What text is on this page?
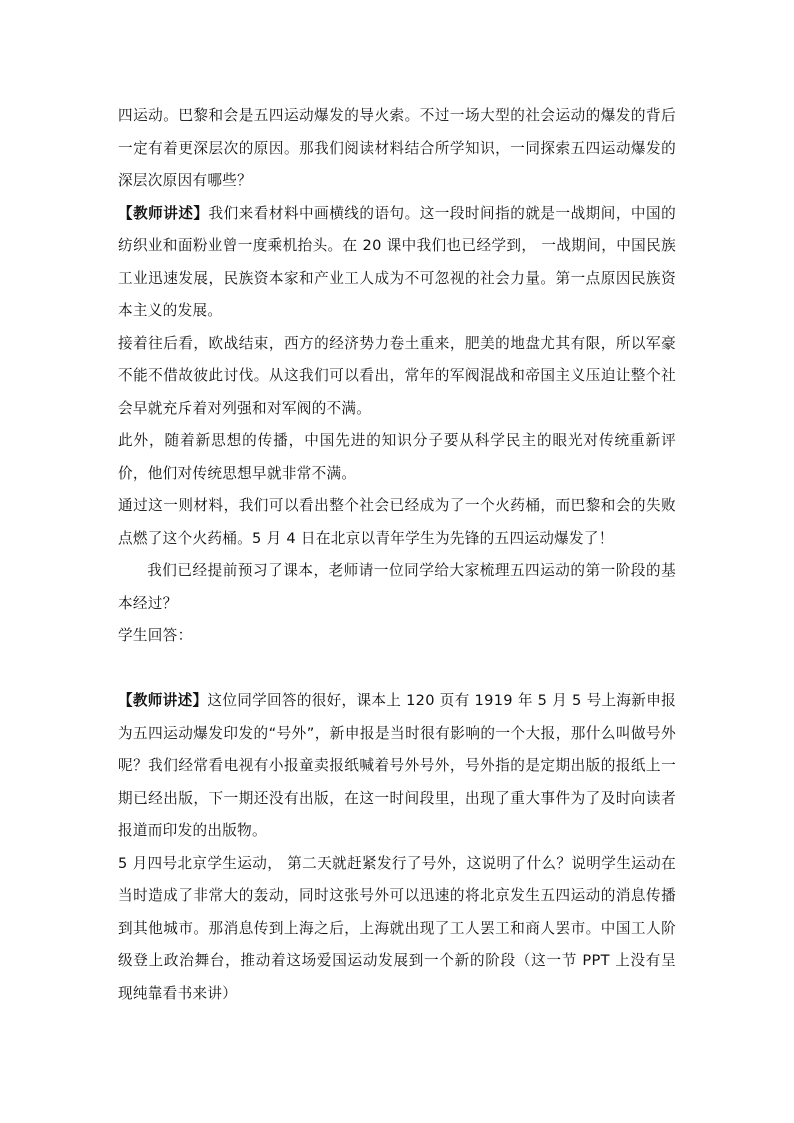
四运动。巴黎和会是五四运动爆发的导火索。不过一场大型的社会运动的爆发的背后一定有着更深层次的原因。那我们阅读材料结合所学知识，一同探索五四运动爆发的深层次原因有哪些？

【教师讲述】我们来看材料中画横线的语句。这一段时间指的就是一战期间，中国的纺织业和面粉业曾一度乘机抬头。在 20 课中我们也已经学到， 一战期间，中国民族工业迅速发展，民族资本家和产业工人成为不可忽视的社会力量。第一点原因民族资本主义的发展。

接着往后看，欧战结束，西方的经济势力卷土重来，肥美的地盘尤其有限，所以军豪不能不借故彼此讨伐。从这我们可以看出，常年的军阀混战和帝国主义压迫让整个社会早就充斥着对列强和对军阀的不满。

此外，随着新思想的传播，中国先进的知识分子要从科学民主的眼光对传统重新评价，他们对传统思想早就非常不满。

通过这一则材料，我们可以看出整个社会已经成为了一个火药桶，而巴黎和会的失败点燃了这个火药桶。5 月 4 日在北京以青年学生为先锋的五四运动爆发了！

我们已经提前预习了课本，老师请一位同学给大家梳理五四运动的第一阶段的基本经过？

学生回答：

【教师讲述】这位同学回答的很好，课本上 120 页有 1919 年 5 月 5 号上海新申报为五四运动爆发印发的“号外”，新申报是当时很有影响的一个大报，那什么叫做号外呢？我们经常看电视有小报童卖报纸喊着号外号外，号外指的是定期出版的报纸上一期已经出版，下一期还没有出版，在这一时间段里，出现了重大事件为了及时向读者报道而印发的出版物。

5 月四号北京学生运动， 第二天就赶紧发行了号外，这说明了什么？说明学生运动在当时造成了非常大的轰动，同时这张号外可以迅速的将北京发生五四运动的消息传播到其他城市。那消息传到上海之后，上海就出现了工人罢工和商人罢市。中国工人阶级登上政治舞台，推动着这场爱国运动发展到一个新的阶段（这一节 PPT 上没有呈现纯靠看书来讲）
